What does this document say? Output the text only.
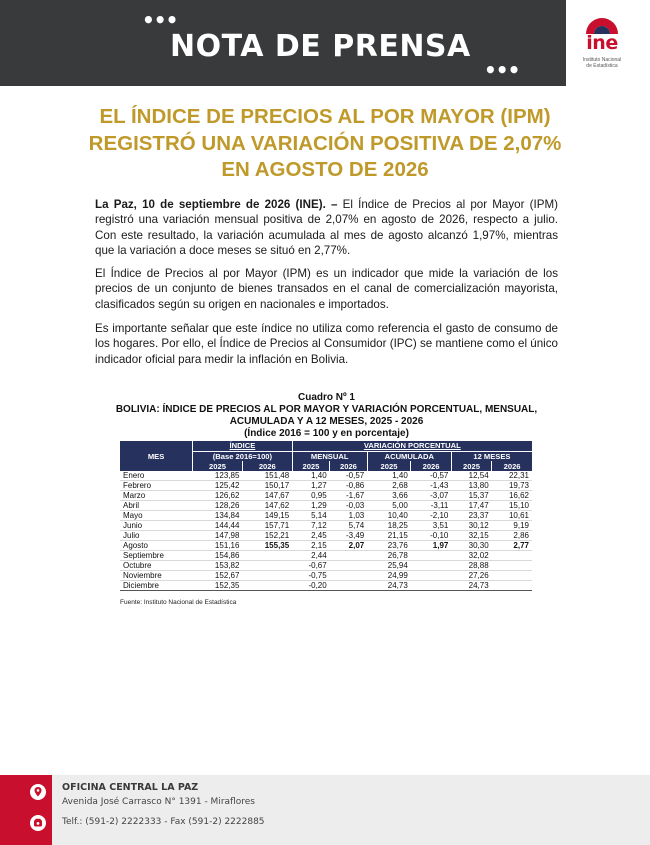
•••
NOTA DE PRENSA
•••
ine
Instituto Nacional
de Estadística
EL ÍNDICE DE PRECIOS AL POR MAYOR (IPM) REGISTRÓ UNA VARIACIÓN POSITIVA DE 2,07% EN AGOSTO DE 2026

La Paz, 10 de septiembre de 2026 (INE). – El Índice de Precios al por Mayor (IPM) registró una variación mensual positiva de 2,07% en agosto de 2026, respecto a julio. Con este resultado, la variación acumulada al mes de agosto alcanzó 1,97%, mientras que la variación a doce meses se situó en 2,77%.

El Índice de Precios al por Mayor (IPM) es un indicador que mide la variación de los precios de un conjunto de bienes transados en el canal de comercialización mayorista, clasificados según su origen en nacionales e importados.

Es importante señalar que este índice no utiliza como referencia el gasto de consumo de los hogares. Por ello, el Índice de Precios al Consumidor (IPC) se mantiene como el único indicador oficial para medir la inflación en Bolivia.

Cuadro Nº 1
BOLIVIA: ÍNDICE DE PRECIOS AL POR MAYOR Y VARIACIÓN PORCENTUAL, MENSUAL, ACUMULADA Y A 12 MESES, 2025 - 2026
(Índice 2016 = 100 y en porcentaje)
MES	ÍNDICE		VARIACIÓN PORCENTUAL					
	(Base 2016=100)		MENSUAL		ACUMULADA		12 MESES	
	2025	2026	2025	2026	2025	2026	2025	2026
Enero	123,85	151,48	1,40	-0,57	1,40	-0,57	12,54	22,31
Febrero	125,42	150,17	1,27	-0,86	2,68	-1,43	13,80	19,73
Marzo	126,62	147,67	0,95	-1,67	3,66	-3,07	15,37	16,62
Abril	128,26	147,62	1,29	-0,03	5,00	-3,11	17,47	15,10
Mayo	134,84	149,15	5,14	1,03	10,40	-2,10	23,37	10,61
Junio	144,44	157,71	7,12	5,74	18,25	3,51	30,12	9,19
Julio	147,98	152,21	2,45	-3,49	21,15	-0,10	32,15	2,86
Agosto	151,16	155,35	2,15	2,07	23,76	1,97	30,30	2,77
Septiembre	154,86		2,44		26,78		32,02	
Octubre	153,82		-0,67		25,94		28,88	
Noviembre	152,67		-0,75		24,99		27,26	
Diciembre	152,35		-0,20		24,73		24,73	
Fuente: Instituto Nacional de Estadística
OFICINA CENTRAL LA PAZ
Avenida José Carrasco N° 1391 - Miraflores
Telf.: (591-2) 2222333 - Fax (591-2) 2222885
